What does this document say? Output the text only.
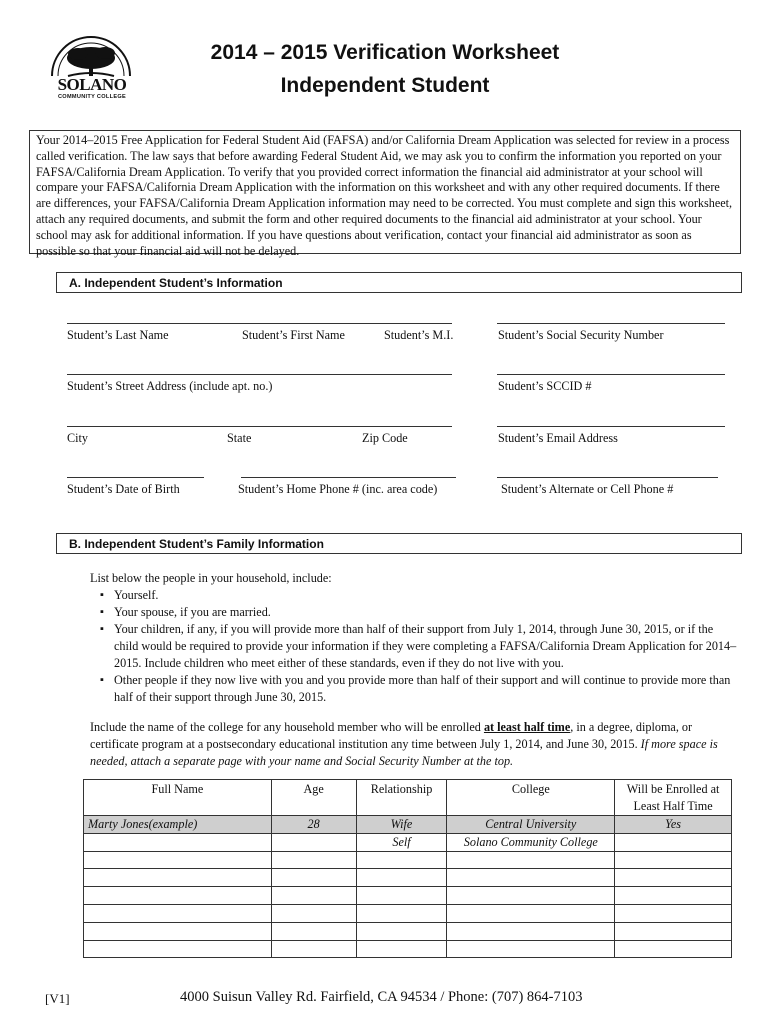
SOLANO
COMMUNITY COLLEGE
2014 – 2015 Verification Worksheet
Independent Student
Your 2014–2015 Free Application for Federal Student Aid (FAFSA) and/or California Dream Application was selected for review in a process called verification. The law says that before awarding Federal Student Aid, we may ask you to confirm the information you reported on your FAFSA/California Dream Application. To verify that you provided correct information the financial aid administrator at your school will compare your FAFSA/California Dream Application with the information on this worksheet and with any other required documents. If there are differences, your FAFSA/California Dream Application information may need to be corrected. You must complete and sign this worksheet, attach any required documents, and submit the form and other required documents to the financial aid administrator at your school. Your school may ask for additional information. If you have questions about verification, contact your financial aid administrator as soon as possible so that your financial aid will not be delayed.
A. Independent Student’s Information
Student’s Last Name	Student’s First Name	Student’s M.I.	Student’s Social Security Number
Student’s Street Address (include apt. no.)	Student’s SCCID #
City	State	Zip Code	Student’s Email Address
Student’s Date of Birth	Student’s Home Phone # (inc. area code)	Student’s Alternate or Cell Phone #
B. Independent Student’s Family Information
List below the people in your household, include:
▪ Yourself.
▪ Your spouse, if you are married.
▪ Your children, if any, if you will provide more than half of their support from July 1, 2014, through June 30, 2015, or if the child would be required to provide your information if they were completing a FAFSA/California Dream Application for 2014–2015. Include children who meet either of these standards, even if they do not live with you.
▪ Other people if they now live with you and you provide more than half of their support and will continue to provide more than half of their support through June 30, 2015.

Include the name of the college for any household member who will be enrolled at least half time, in a degree, diploma, or certificate program at a postsecondary educational institution any time between July 1, 2014, and June 30, 2015. If more space is needed, attach a separate page with your name and Social Security Number at the top.

Full Name	Age	Relationship	College	Will be Enrolled at Least Half Time
Marty Jones(example)	28	Wife	Central University	Yes
		Self	Solano Community College	

[V1]	4000 Suisun Valley Rd. Fairfield, CA 94534 / Phone: (707) 864-7103
